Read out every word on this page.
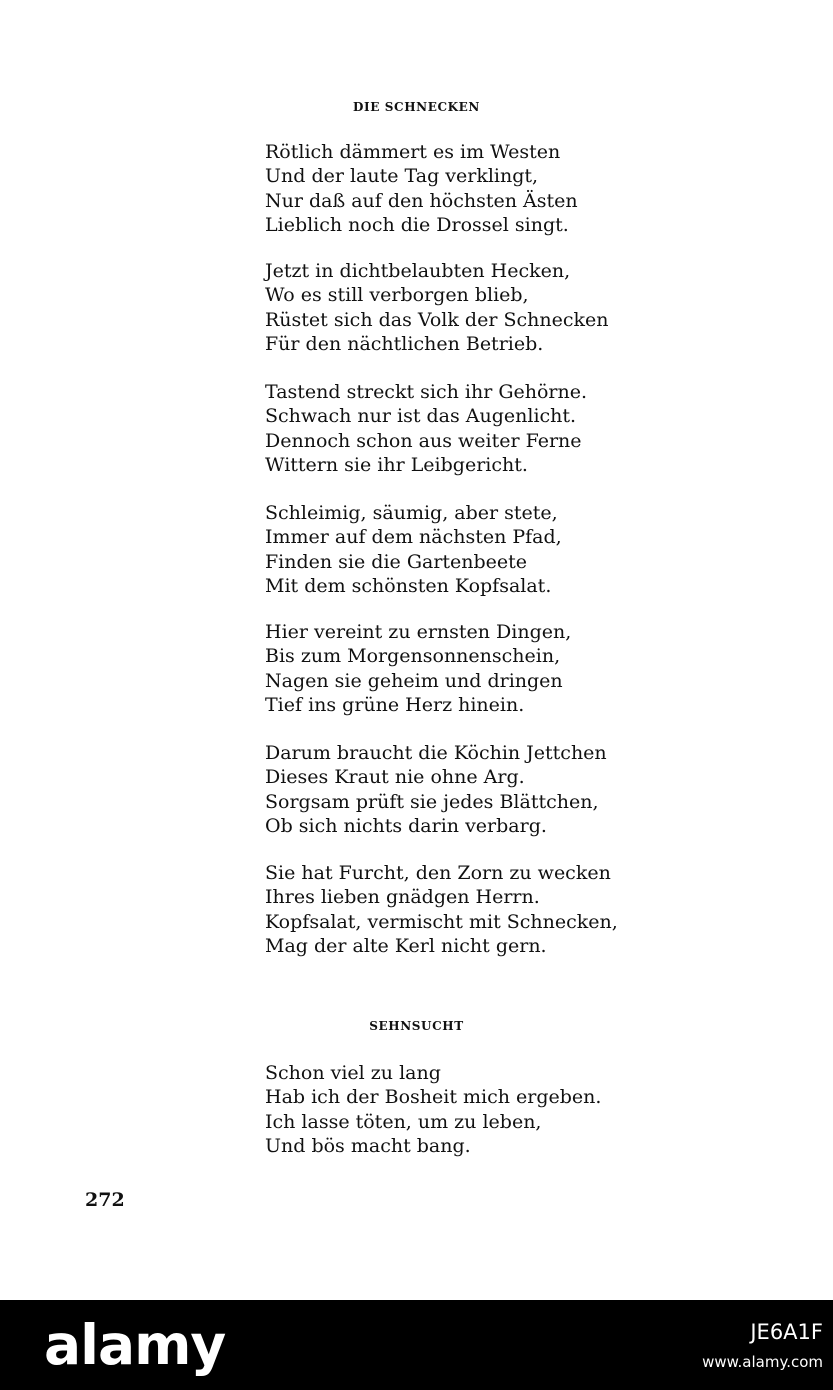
DIE SCHNECKEN

Rötlich dämmert es im Westen

Und der laute Tag verklingt,

Nur daß auf den höchsten Ästen

Lieblich noch die Drossel singt.

Jetzt in dichtbelaubten Hecken,

Wo es still verborgen blieb,

Rüstet sich das Volk der Schnecken

Für den nächtlichen Betrieb.

Tastend streckt sich ihr Gehörne.

Schwach nur ist das Augenlicht.

Dennoch schon aus weiter Ferne

Wittern sie ihr Leibgericht.

Schleimig, säumig, aber stete,

Immer auf dem nächsten Pfad,

Finden sie die Gartenbeete

Mit dem schönsten Kopfsalat.

Hier vereint zu ernsten Dingen,

Bis zum Morgensonnenschein,

Nagen sie geheim und dringen

Tief ins grüne Herz hinein.

Darum braucht die Köchin Jettchen

Dieses Kraut nie ohne Arg.

Sorgsam prüft sie jedes Blättchen,

Ob sich nichts darin verbarg.

Sie hat Furcht, den Zorn zu wecken

Ihres lieben gnädgen Herrn.

Kopfsalat, vermischt mit Schnecken,

Mag der alte Kerl nicht gern.

SEHNSUCHT

Schon viel zu lang

Hab ich der Bosheit mich ergeben.

Ich lasse töten, um zu leben,

Und bös macht bang.

272

alamy	JE6A1F
www.alamy.com
